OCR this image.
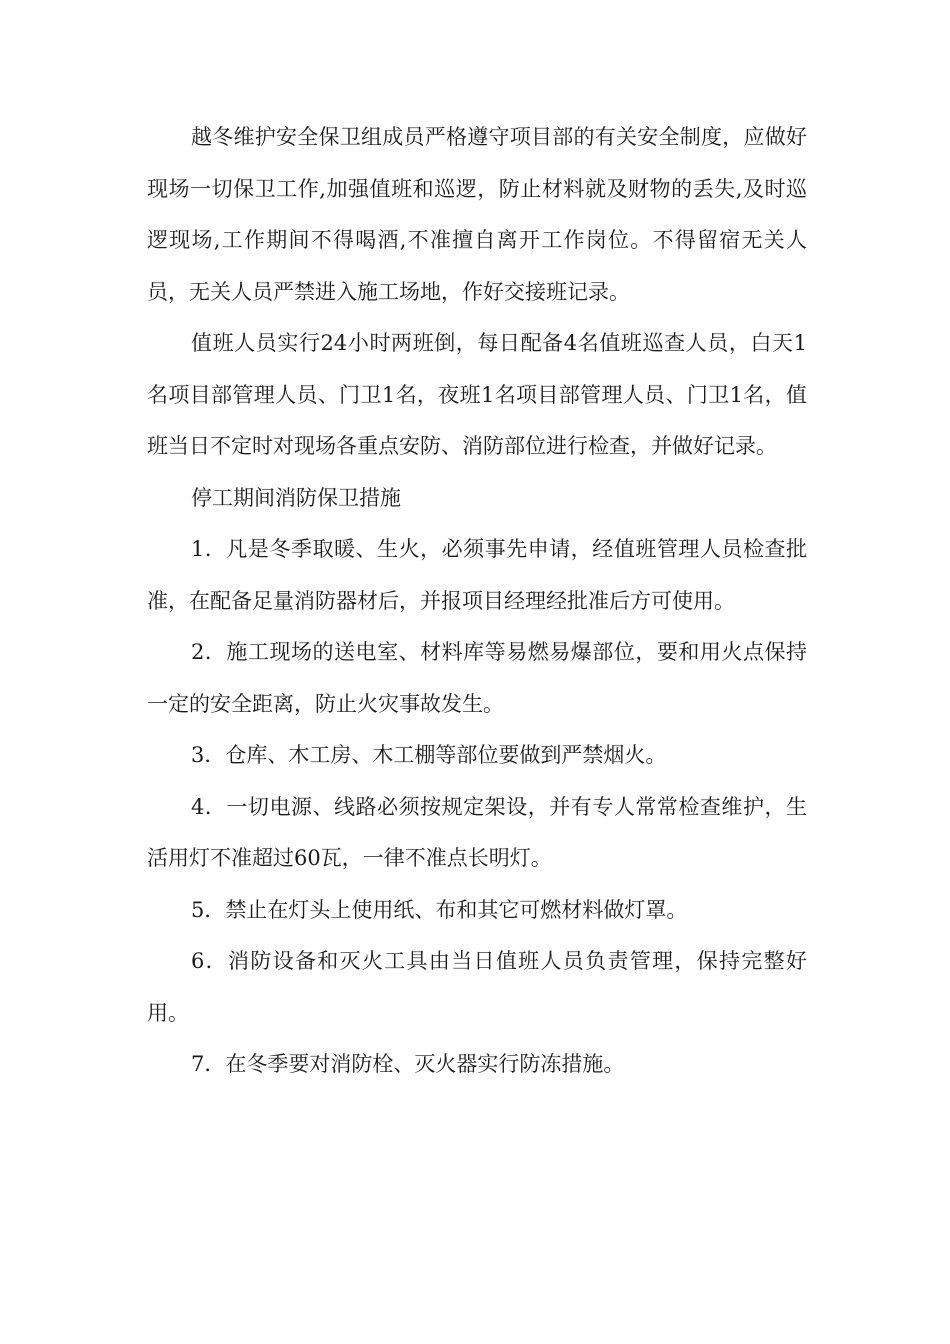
越冬维护安全保卫组成员严格遵守项目部的有关安全制度，应做好现场一切保卫工作,加强值班和巡逻，防止材料就及财物的丢失,及时巡逻现场,工作期间不得喝酒,不准擅自离开工作岗位。不得留宿无关人员，无关人员严禁进入施工场地，作好交接班记录。

值班人员实行24小时两班倒，每日配备4名值班巡查人员，白天1名项目部管理人员、门卫1名，夜班1名项目部管理人员、门卫1名，值班当日不定时对现场各重点安防、消防部位进行检查，并做好记录。

停工期间消防保卫措施

1．凡是冬季取暖、生火，必须事先申请，经值班管理人员检查批准，在配备足量消防器材后，并报项目经理经批准后方可使用。

2．施工现场的送电室、材料库等易燃易爆部位，要和用火点保持一定的安全距离，防止火灾事故发生。

3．仓库、木工房、木工棚等部位要做到严禁烟火。

4．一切电源、线路必须按规定架设，并有专人常常检查维护，生活用灯不准超过60瓦，一律不准点长明灯。

5．禁止在灯头上使用纸、布和其它可燃材料做灯罩。

6．消防设备和灭火工具由当日值班人员负责管理，保持完整好用。

7．在冬季要对消防栓、灭火器实行防冻措施。
